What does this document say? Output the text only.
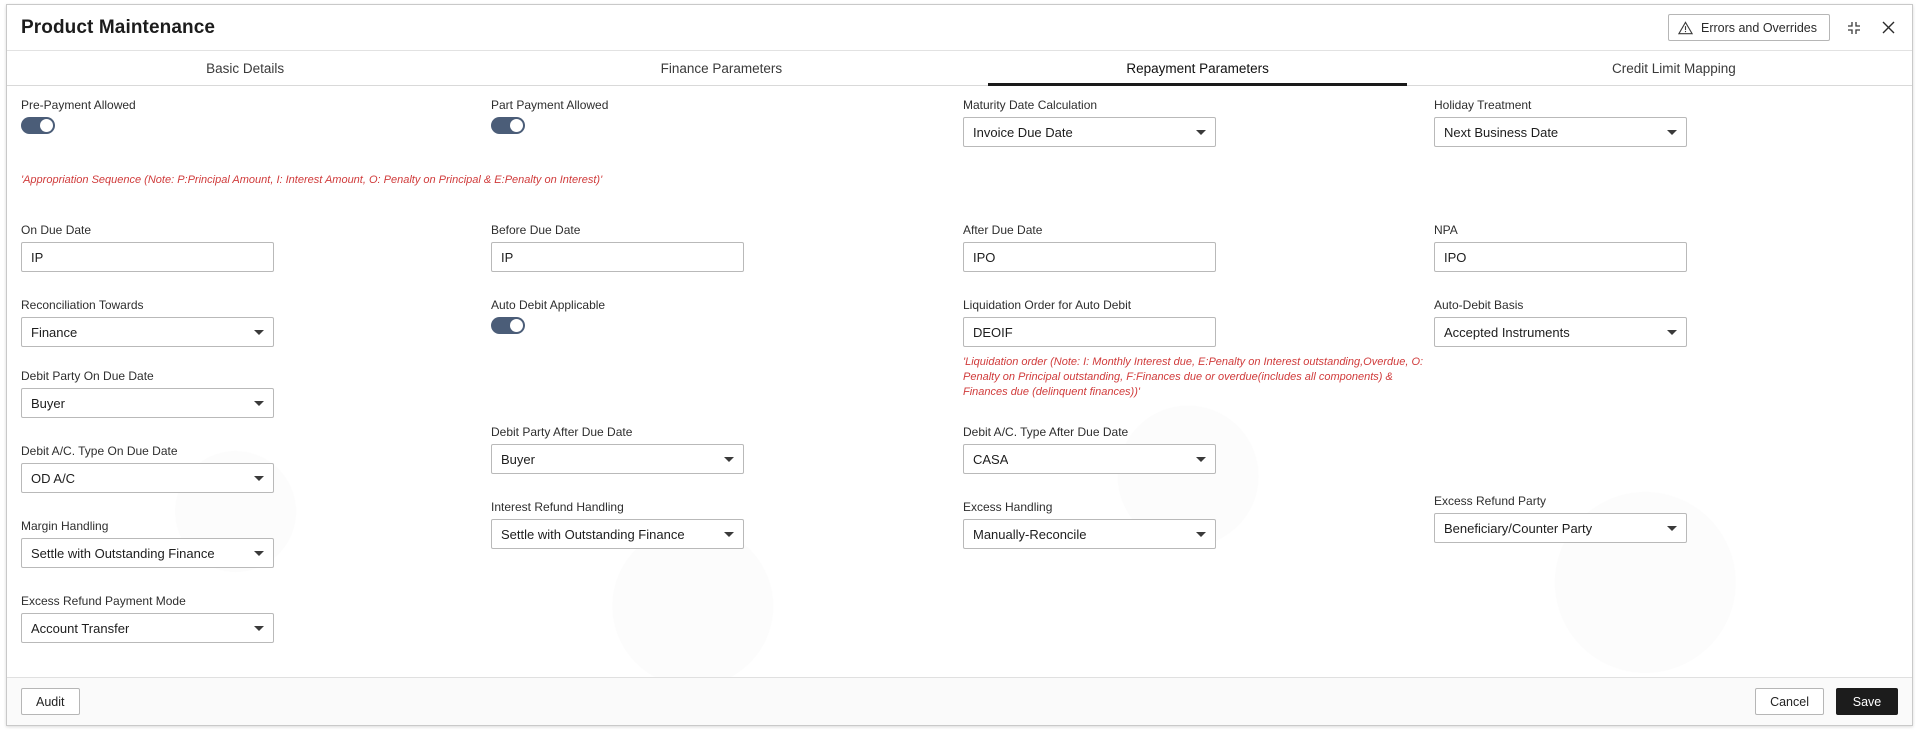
Product Maintenance	Errors and Overrides
Basic Details	Finance Parameters	Repayment Parameters	Credit Limit Mapping
Pre-Payment Allowed
On Due Date
IP
Reconciliation Towards
Finance
Debit Party On Due Date
Buyer
Debit A/C. Type On Due Date
OD A/C
Margin Handling
Settle with Outstanding Finance
Excess Refund Payment Mode
Account Transfer
Part Payment Allowed
Before Due Date
IP
Auto Debit Applicable
Debit Party After Due Date
Buyer
Interest Refund Handling
Settle with Outstanding Finance
Maturity Date Calculation
Invoice Due Date
After Due Date
IPO
Liquidation Order for Auto Debit
DEOIF
'Liquidation order (Note: I: Monthly Interest due, E:Penalty on Interest outstanding,Overdue, O: Penalty on Principal outstanding, F:Finances due or overdue(includes all components) & Finances due (delinquent finances))'
Debit A/C. Type After Due Date
CASA
Excess Handling
Manually-Reconcile
Holiday Treatment
Next Business Date
NPA
IPO
Auto-Debit Basis
Accepted Instruments
Excess Refund Party
Beneficiary/Counter Party
'Appropriation Sequence (Note: P:Principal Amount, I: Interest Amount, O: Penalty on Principal & E:Penalty on Interest)'
Audit	Cancel	Save
